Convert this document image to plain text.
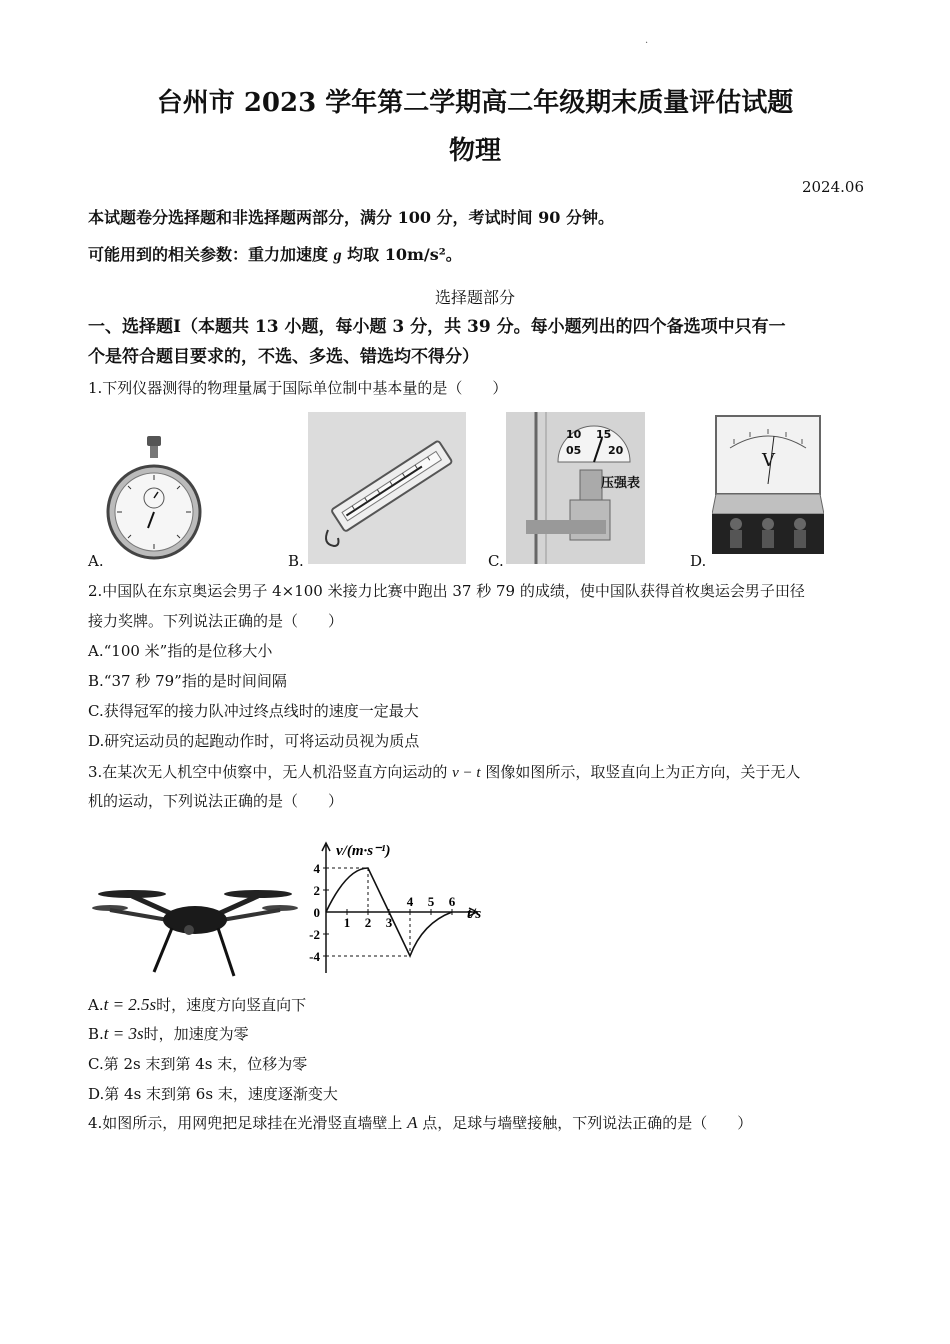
·
台州市 2023 学年第二学期高二年级期末质量评估试题
物理
2024.06
本试题卷分选择题和非选择题两部分，满分 100 分，考试时间 90 分钟。
可能用到的相关参数：重力加速度 g 均取 10m/s²。
选择题部分
一、选择题Ⅰ（本题共 13 小题，每小题 3 分，共 39 分。每小题列出的四个备选项中只有一
个是符合题目要求的，不选、多选、错选均不得分）
1.下列仪器测得的物理量属于国际单位制中基本量的是（　　）
A.	B.
10 15
05 20
压强表
C.
V
D.
2.中国队在东京奥运会男子 4×100 米接力比赛中跑出 37 秒 79 的成绩，使中国队获得首枚奥运会男子田径
接力奖牌。下列说法正确的是（　　）
A.“100 米”指的是位移大小
B.“37 秒 79”指的是时间间隔
C.获得冠军的接力队冲过终点线时的速度一定最大
D.研究运动员的起跑动作时，可将运动员视为质点
3.在某次无人机空中侦察中，无人机沿竖直方向运动的 v − t 图像如图所示，取竖直向上为正方向，关于无人
机的运动，下列说法正确的是（　　）
v/(m·s⁻¹)
t/s
4
2
0
-2
-4
1 2 3
4 5 6
A.t = 2.5s时，速度方向竖直向下
B.t = 3s时，加速度为零
C.第 2s 末到第 4s 末，位移为零
D.第 4s 末到第 6s 末，速度逐渐变大
4.如图所示，用网兜把足球挂在光滑竖直墙壁上 A 点，足球与墙壁接触，下列说法正确的是（　　）
